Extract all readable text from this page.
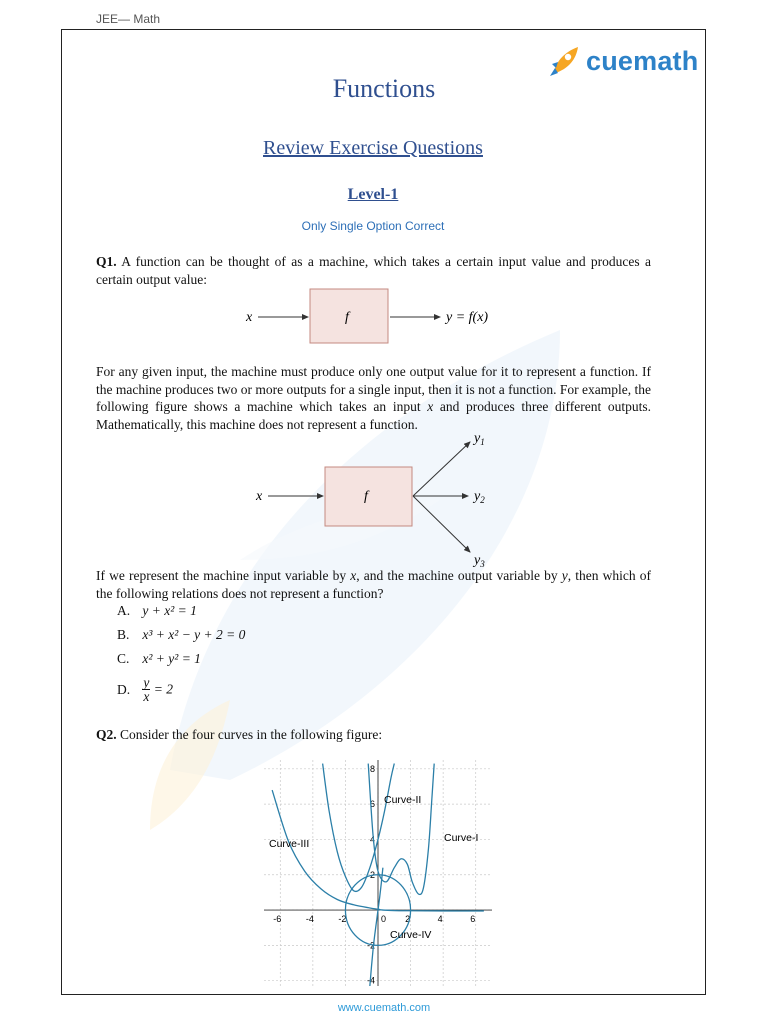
JEE— Math
cuemath
Functions
Review Exercise Questions
Level-1
Only Single Option Correct
Q1. A function can be thought of as a machine, which takes a certain input value and produces a certain output value:
x	f	y = f(x)
For any given input, the machine must produce only one output value for it to represent a function. If the machine produces two or more outputs for a single input, then it is not a function. For example, the following figure shows a machine which takes an input x and produces three different outputs. Mathematically, this machine does not represent a function.
x	f
$y_1$
$y_2$
$y_3$
If we represent the machine input variable by x, and the machine output variable by y, then which of the following relations does not represent a function?
A. y + x² = 1
B. x³ + x² − y + 2 = 0
C. x² + y² = 1
D. $\frac{y}{x} = 2$
Q2. Consider the four curves in the following figure:
-6	-4	-2	0 2	4	6
8
6
4
2
-2
-4
Curve-I
Curve-II
Curve-III
Curve-IV
www.cuemath.com
